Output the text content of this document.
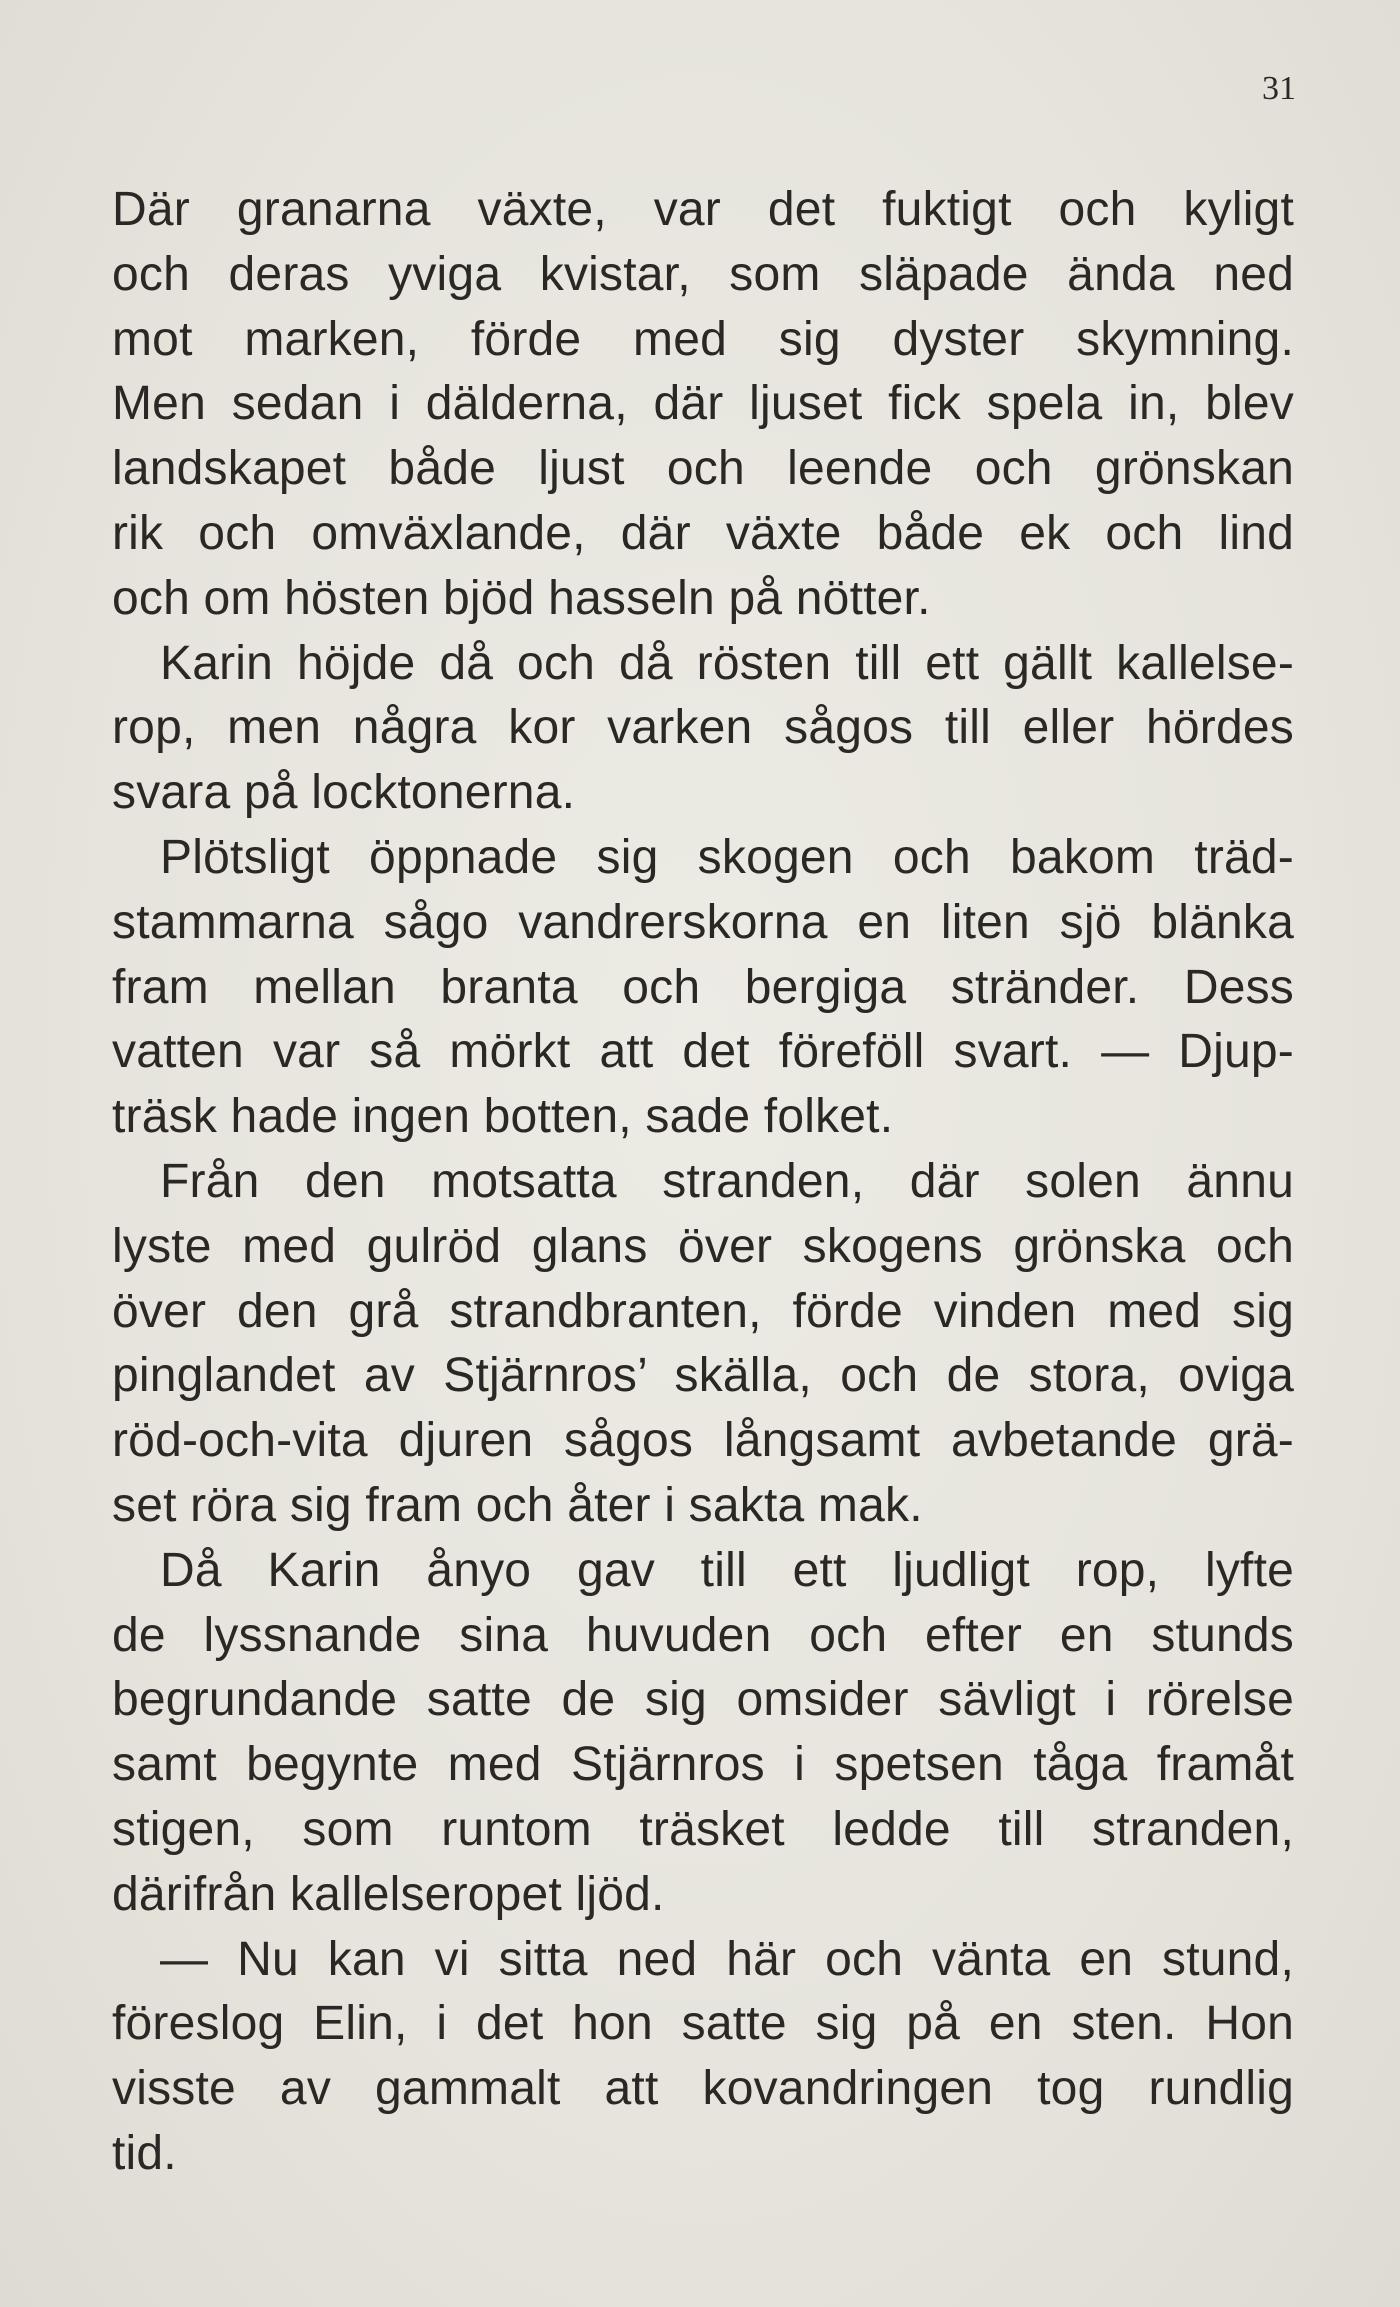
31
Där granarna växte, var det fuktigt och kyligt
och deras yviga kvistar, som släpade ända ned
mot marken, förde med sig dyster skymning.
Men sedan i dälderna, där ljuset fick spela in, blev
landskapet både ljust och leende och grönskan
rik och omväxlande, där växte både ek och lind
och om hösten bjöd hasseln på nötter.
Karin höjde då och då rösten till ett gällt kallelse-
rop, men några kor varken sågos till eller hördes
svara på locktonerna.
Plötsligt öppnade sig skogen och bakom träd-
stammarna sågo vandrerskorna en liten sjö blänka
fram mellan branta och bergiga stränder. Dess
vatten var så mörkt att det föreföll svart. — Djup-
träsk hade ingen botten, sade folket.
Från den motsatta stranden, där solen ännu
lyste med gulröd glans över skogens grönska och
över den grå strandbranten, förde vinden med sig
pinglandet av Stjärnros’ skälla, och de stora, oviga
röd-och-vita djuren sågos långsamt avbetande grä-
set röra sig fram och åter i sakta mak.
Då Karin ånyo gav till ett ljudligt rop, lyfte
de lyssnande sina huvuden och efter en stunds
begrundande satte de sig omsider sävligt i rörelse
samt begynte med Stjärnros i spetsen tåga framåt
stigen, som runtom träsket ledde till stranden,
därifrån kallelseropet ljöd.
— Nu kan vi sitta ned här och vänta en stund,
föreslog Elin, i det hon satte sig på en sten. Hon
visste av gammalt att kovandringen tog rundlig
tid.
